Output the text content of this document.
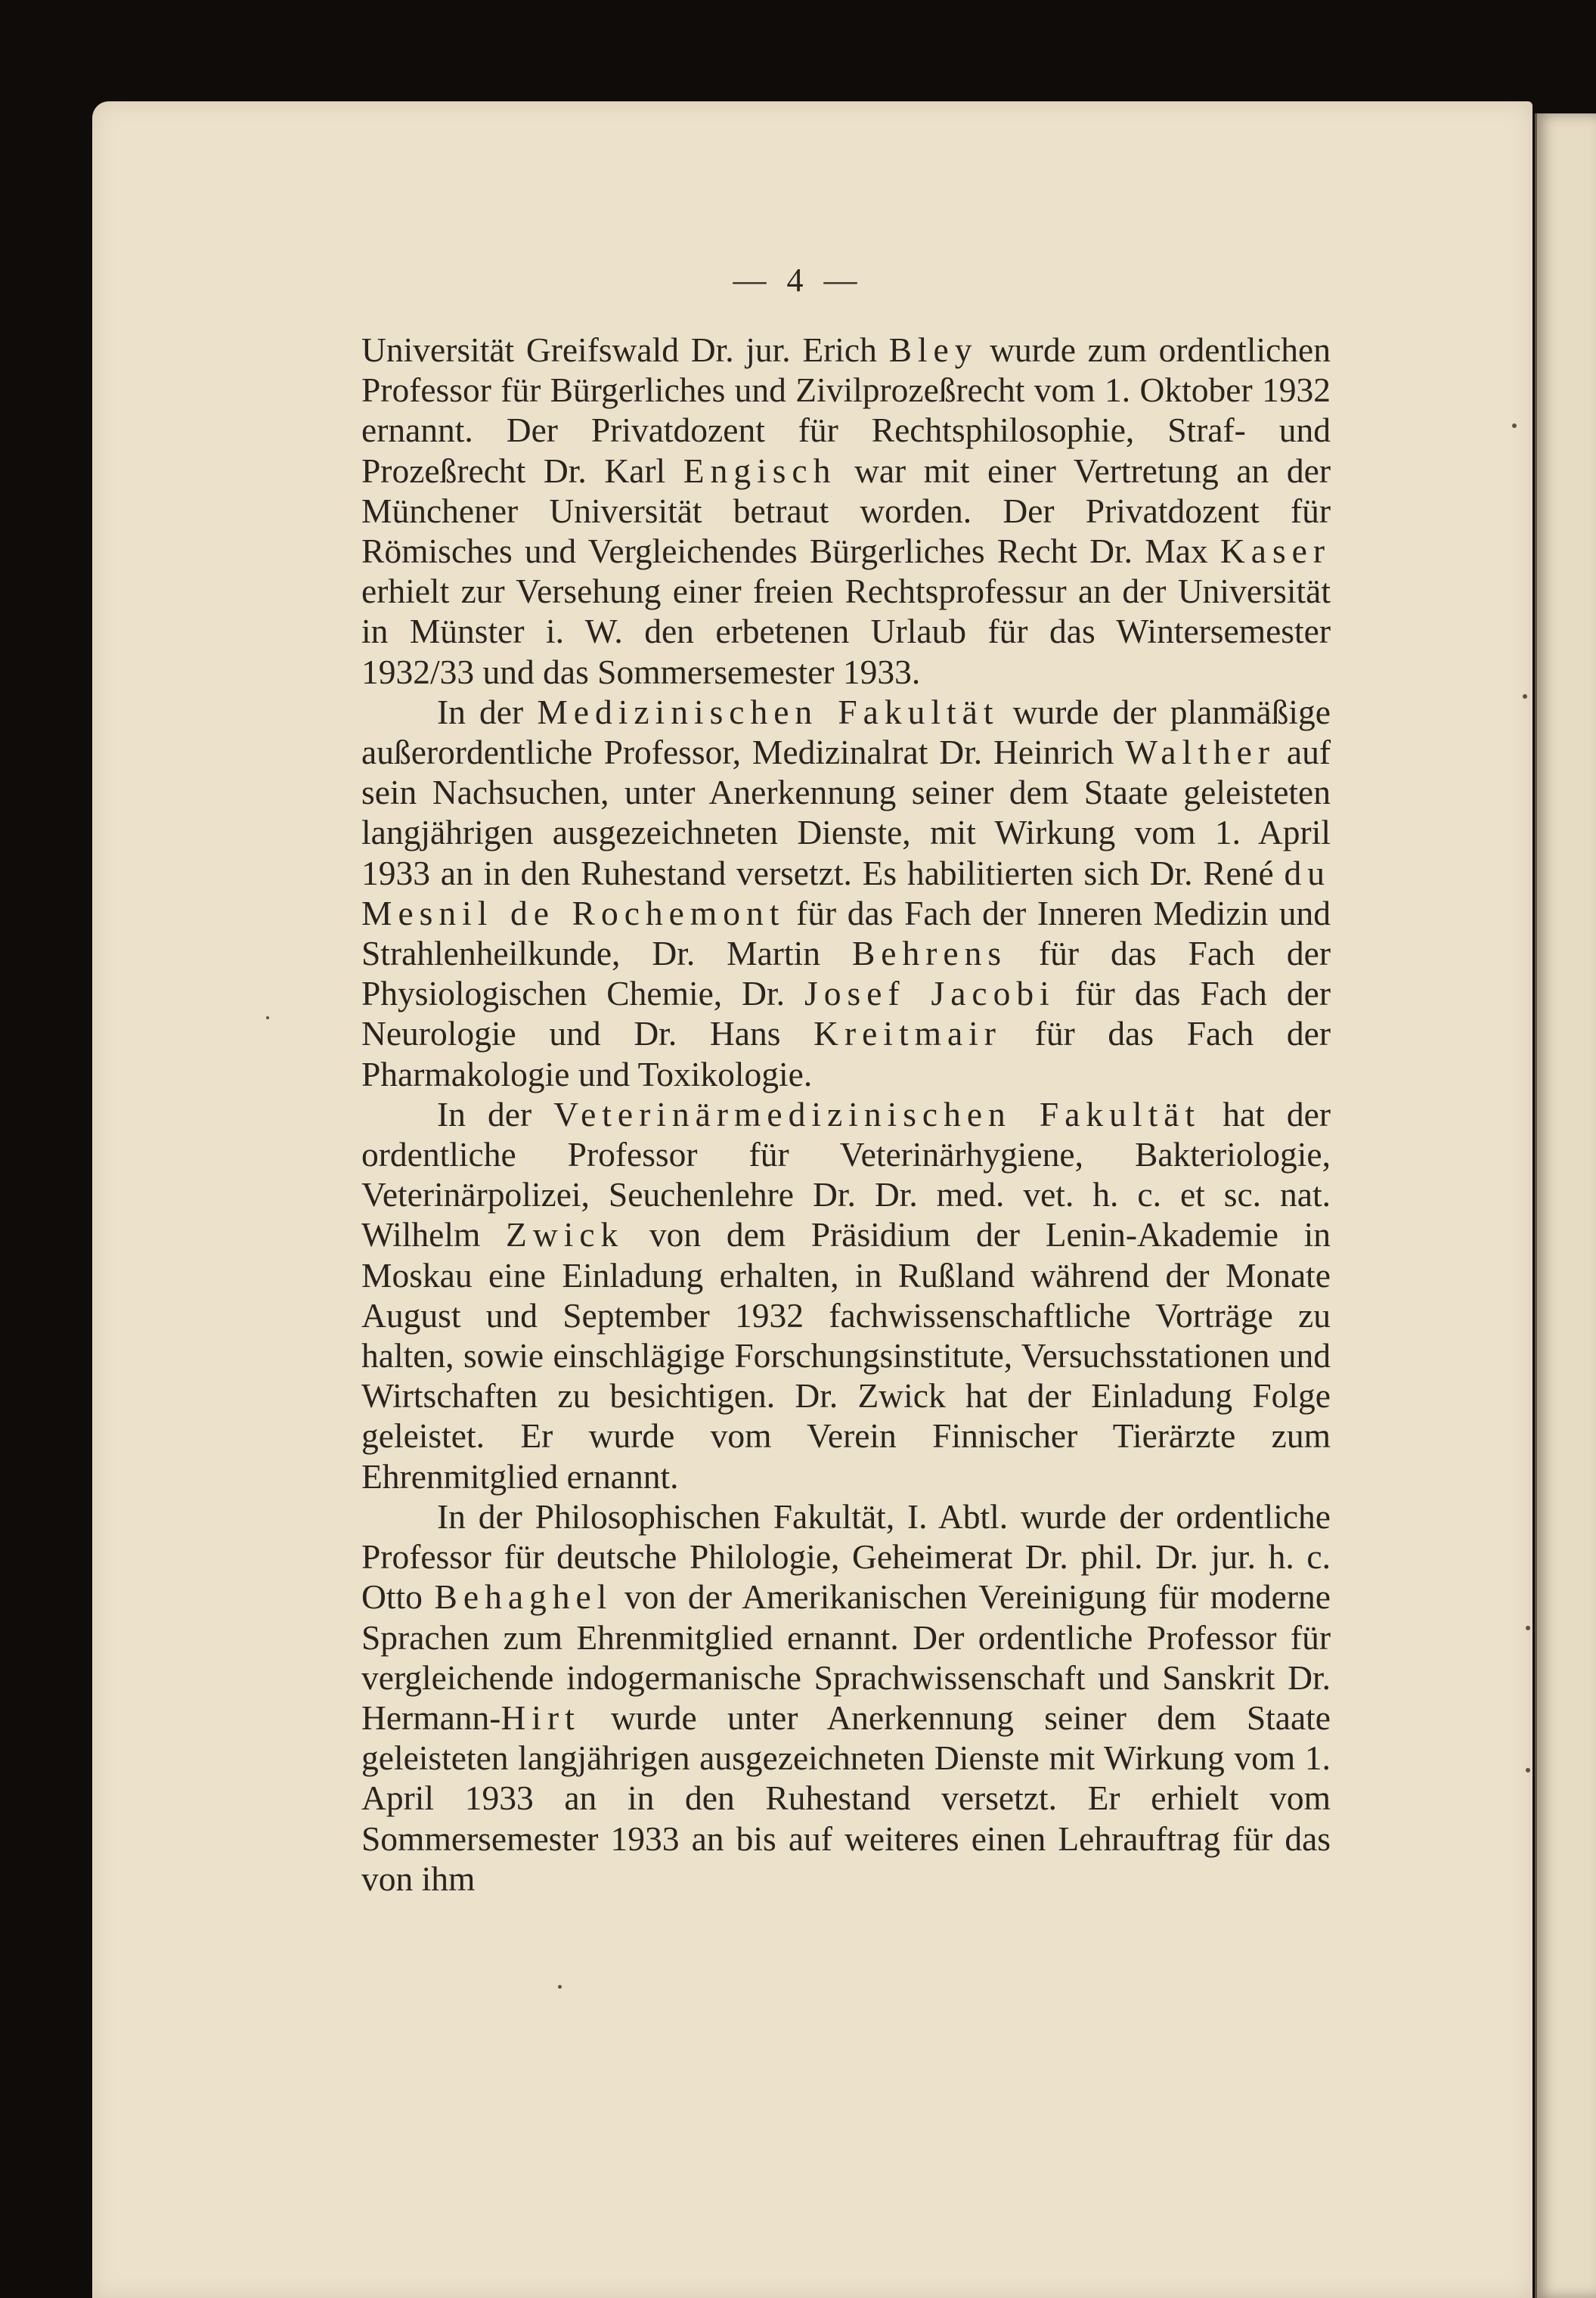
— 4 —

Universität Greifswald Dr. jur. Erich Bley wurde zum ordentlichen Professor für Bürgerliches und Zivilprozeßrecht vom 1. Oktober 1932 ernannt. Der Privatdozent für Rechtsphilosophie, Straf- und Prozeßrecht Dr. Karl Engisch war mit einer Vertretung an der Münchener Universität betraut worden. Der Privatdozent für Römisches und Vergleichendes Bürgerliches Recht Dr. Max Kaser erhielt zur Versehung einer freien Rechtsprofessur an der Universität in Münster i. W. den erbetenen Urlaub für das Wintersemester 1932/33 und das Sommersemester 1933.

In der Medizinischen Fakultät wurde der planmäßige außerordentliche Professor, Medizinalrat Dr. Heinrich Walther auf sein Nachsuchen, unter Anerkennung seiner dem Staate geleisteten langjährigen ausgezeichneten Dienste, mit Wirkung vom 1. April 1933 an in den Ruhestand versetzt. Es habilitierten sich Dr. René du Mesnil de Rochemont für das Fach der Inneren Medizin und Strahlenheilkunde, Dr. Martin Behrens für das Fach der Physiologischen Chemie, Dr. Josef Jacobi für das Fach der Neurologie und Dr. Hans Kreitmair für das Fach der Pharmakologie und Toxikologie.

In der Veterinärmedizinischen Fakultät hat der ordentliche Professor für Veterinärhygiene, Bakteriologie, Veterinärpolizei, Seuchenlehre Dr. Dr. med. vet. h. c. et sc. nat. Wilhelm Zwick von dem Präsidium der Lenin-Akademie in Moskau eine Einladung erhalten, in Rußland während der Monate August und September 1932 fachwissenschaftliche Vorträge zu halten, sowie einschlägige Forschungsinstitute, Versuchsstationen und Wirtschaften zu besichtigen. Dr. Zwick hat der Einladung Folge geleistet. Er wurde vom Verein Finnischer Tierärzte zum Ehrenmitglied ernannt.

In der Philosophischen Fakultät, I. Abtl. wurde der ordentliche Professor für deutsche Philologie, Geheimerat Dr. phil. Dr. jur. h. c. Otto Behaghel von der Amerikanischen Vereinigung für moderne Sprachen zum Ehrenmitglied ernannt. Der ordentliche Professor für vergleichende indogermanische Sprachwissenschaft und Sanskrit Dr. Hermann-Hirt wurde unter Anerkennung seiner dem Staate geleisteten langjährigen ausgezeichneten Dienste mit Wirkung vom 1. April 1933 an in den Ruhestand versetzt. Er erhielt vom Sommersemester 1933 an bis auf weiteres einen Lehrauftrag für das von ihm
